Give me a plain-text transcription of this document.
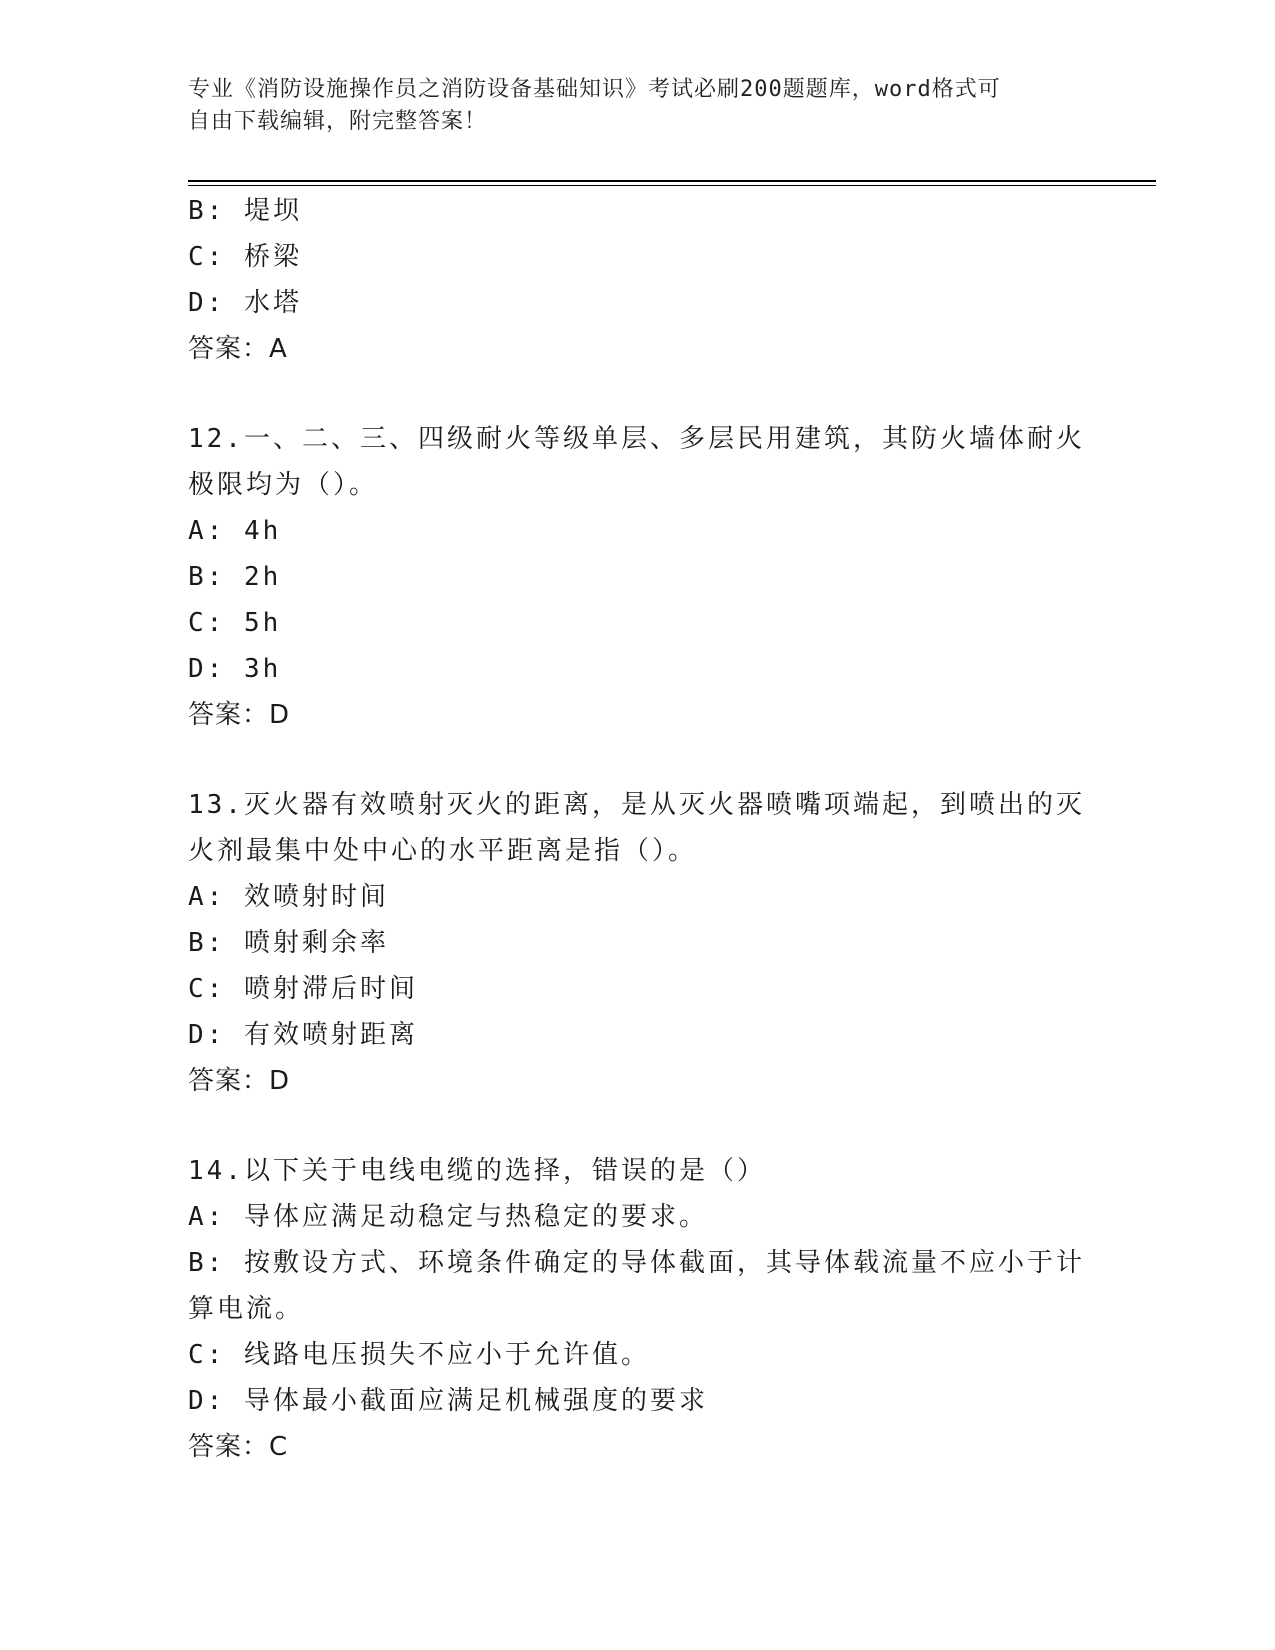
专业《消防设施操作员之消防设备基础知识》考试必刷200题题库，word格式可
自由下载编辑，附完整答案！
B: 堤坝
C: 桥梁
D: 水塔
答案：A
12.一、二、三、四级耐火等级单层、多层民用建筑，其防火墙体耐火
极限均为（）。
A: 4h
B: 2h
C: 5h
D: 3h
答案：D
13.灭火器有效喷射灭火的距离，是从灭火器喷嘴项端起，到喷出的灭
火剂最集中处中心的水平距离是指（）。
A: 效喷射时间
B: 喷射剩余率
C: 喷射滞后时间
D: 有效喷射距离
答案：D
14.以下关于电线电缆的选择，错误的是（）
A: 导体应满足动稳定与热稳定的要求。
B: 按敷设方式、环境条件确定的导体截面，其导体载流量不应小于计
算电流。
C: 线路电压损失不应小于允许值。
D: 导体最小截面应满足机械强度的要求
答案：C
